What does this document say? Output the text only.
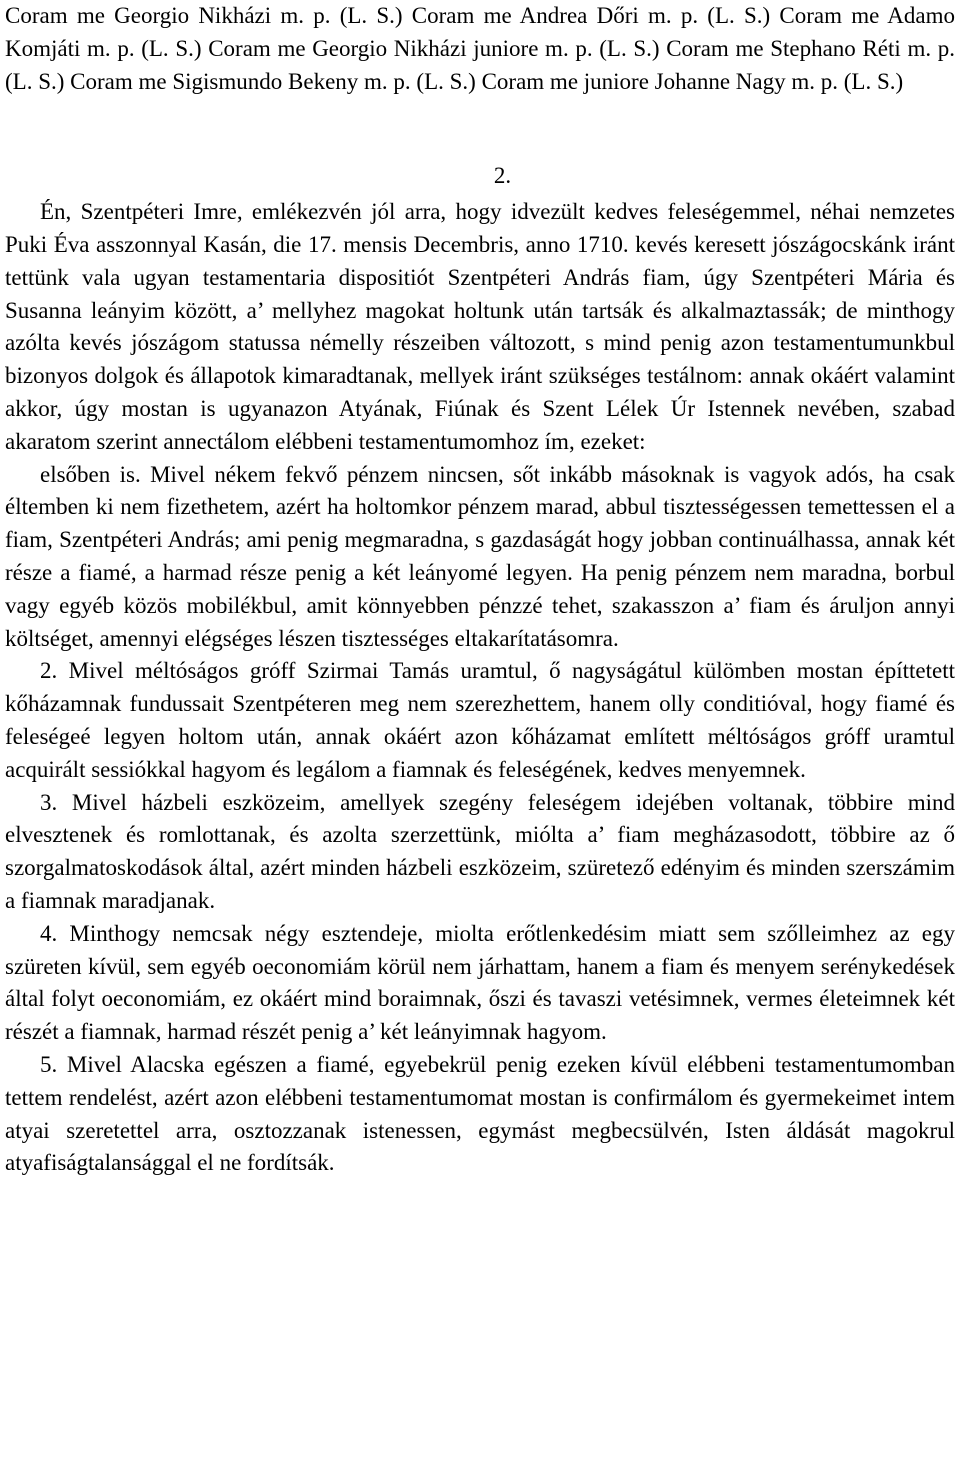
Coram me Georgio Nikházi m. p. (L. S.) Coram me Andrea Dőri m. p. (L. S.) Coram me Adamo Komjáti m. p. (L. S.) Coram me Georgio Nikházi juniore m. p. (L. S.) Coram me Stephano Réti m. p. (L. S.) Coram me Sigismundo Bekeny m. p. (L. S.) Coram me juniore Johanne Nagy m. p. (L. S.)

2.

Én, Szentpéteri Imre, emlékezvén jól arra, hogy idvezült kedves feleségemmel, néhai nemzetes Puki Éva asszonnyal Kasán, die 17. mensis Decembris, anno 1710. kevés keresett jószágocskánk iránt tettünk vala ugyan testamentaria dispositiót Szentpéteri András fiam, úgy Szentpéteri Mária és Susanna leányim között, a’ mellyhez magokat holtunk után tartsák és alkalmaztassák; de minthogy azólta kevés jószágom statussa némelly részeiben változott, s mind penig azon testamentumunkbul bizonyos dolgok és állapotok kimaradtanak, mellyek iránt szükséges testálnom: annak okáért valamint akkor, úgy mostan is ugyanazon Atyának, Fiúnak és Szent Lélek Úr Istennek nevében, szabad akaratom szerint annectálom elébbeni testamentumomhoz ím, ezeket:

elsőben is. Mivel nékem fekvő pénzem nincsen, sőt inkább másoknak is vagyok adós, ha csak éltemben ki nem fizethetem, azért ha holtomkor pénzem marad, abbul tisztességessen temettessen el a fiam, Szentpéteri András; ami penig megmaradna, s gazdaságát hogy jobban continuálhassa, annak két része a fiamé, a harmad része penig a két leányomé legyen. Ha penig pénzem nem maradna, borbul vagy egyéb közös mobilékbul, amit könnyebben pénzzé tehet, szakasszon a’ fiam és áruljon annyi költséget, amennyi elégséges lészen tisztességes eltakarítatásomra.

2. Mivel méltóságos gróff Szirmai Tamás uramtul, ő nagyságátul külömben mostan építtetett kőházamnak fundussait Szentpéteren meg nem szerezhettem, hanem olly conditióval, hogy fiamé és feleségeé legyen holtom után, annak okáért azon kőházamat említett méltóságos gróff uramtul acquirált sessiókkal hagyom és legálom a fiamnak és feleségének, kedves menyemnek.

3. Mivel házbeli eszközeim, amellyek szegény feleségem idejében voltanak, többire mind elvesztenek és romlottanak, és azolta szerzettünk, miólta a’ fiam megházasodott, többire az ő szorgalmatoskodások által, azért minden házbeli eszközeim, szüretező edényim és minden szerszámim a fiamnak maradjanak.

4. Minthogy nemcsak négy esztendeje, miolta erőtlenkedésim miatt sem szőlleimhez az egy szüreten kívül, sem egyéb oeconomiám körül nem járhattam, hanem a fiam és menyem serénykedések által folyt oeconomiám, ez okáért mind boraimnak, őszi és tavaszi vetésimnek, vermes életeimnek két részét a fiamnak, harmad részét penig a’ két leányimnak hagyom.

5. Mivel Alacska egészen a fiamé, egyebekrül penig ezeken kívül elébbeni testamentumomban tettem rendelést, azért azon elébbeni testamentumomat mostan is confirmálom és gyermekeimet intem atyai szeretettel arra, osztozzanak istenessen, egymást megbecsülvén, Isten áldását magokrul atyafiságtalansággal el ne fordítsák.
